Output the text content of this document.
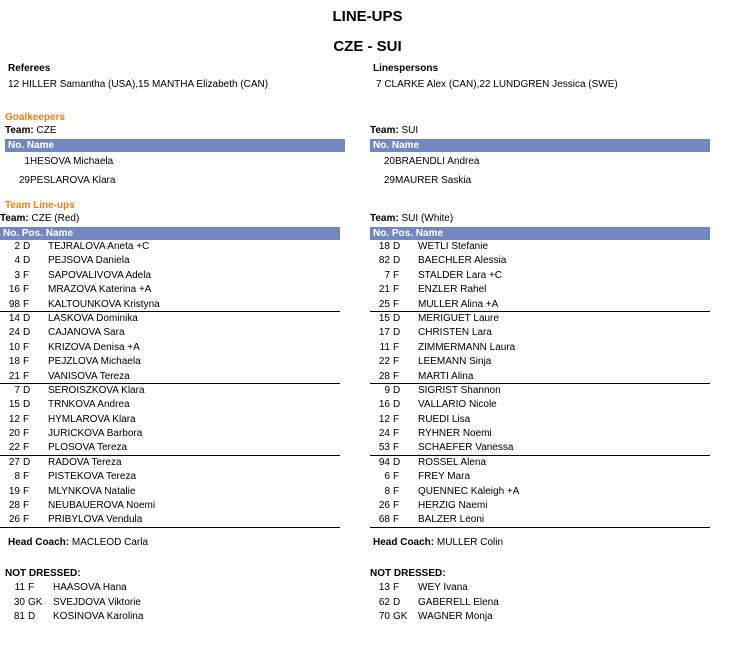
LINE-UPS
CZE - SUI
Referees
12 HILLER Samantha (USA),15 MANTHA Elizabeth (CAN)
Linespersons
7 CLARKE Alex (CAN),22 LUNDGREN Jessica (SWE)
Goalkeepers
Team: CZE
No. Name
1 HESOVA Michaela
29 PESLAROVA Klara
Team Line-ups
Team: CZE (Red)
No. Pos. Name
2 D TEJRALOVA Aneta +C
4 D PEJSOVA Daniela
3 F SAPOVALIVOVA Adela
16 F MRAZOVA Katerina +A
98 F KALTOUNKOVA Kristyna
14 D LASKOVA Dominika
24 D CAJANOVA Sara
10 F KRIZOVA Denisa +A
18 F PEJZLOVA Michaela
21 F VANISOVA Tereza
7 D SEROISZKOVA Klara
15 D TRNKOVA Andrea
12 F HYMLAROVA Klara
20 F JURICKOVA Barbora
22 F PLOSOVA Tereza
27 D RADOVA Tereza
8 F PISTEKOVA Tereza
19 F MLYNKOVA Natalie
28 F NEUBAUEROVA Noemi
26 F PRIBYLOVA Vendula
Head Coach: MACLEOD Carla
NOT DRESSED:
11 F HAASOVA Hana
30 GK SVEJDOVA Viktorie
81 D KOSINOVA Karolina
Team: SUI
No. Name
20 BRAENDLI Andrea
29 MAURER Saskia
Team: SUI (White)
No. Pos. Name
18 D WETLI Stefanie
82 D BAECHLER Alessia
7 F STALDER Lara +C
21 F ENZLER Rahel
25 F MULLER Alina +A
15 D MERIGUET Laure
17 D CHRISTEN Lara
11 F ZIMMERMANN Laura
22 F LEEMANN Sinja
28 F MARTI Alina
9 D SIGRIST Shannon
16 D VALLARIO Nicole
12 F RUEDI Lisa
24 F RYHNER Noemi
53 F SCHAEFER Vanessa
94 D ROSSEL Alena
6 F FREY Mara
8 F QUENNEC Kaleigh +A
26 F HERZIG Naemi
68 F BALZER Leoni
Head Coach: MULLER Colin
NOT DRESSED:
13 F WEY Ivana
62 D GABERELL Elena
70 GK WAGNER Monja
